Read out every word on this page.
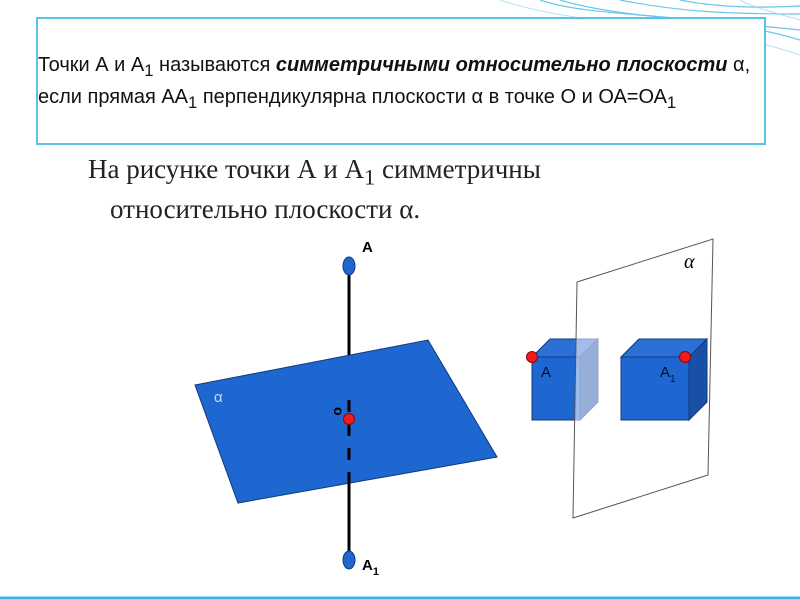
Точки А и $А_1$ называются симметричными относительно плоскости α, если прямая $АА_1$ перпендикулярна плоскости α в точке О и $ОА=ОА_1$
На рисунке точки А и $А_1$ симметричны
относительно плоскости α.
А
$А_1$
о
α
А	$А_1$
α
